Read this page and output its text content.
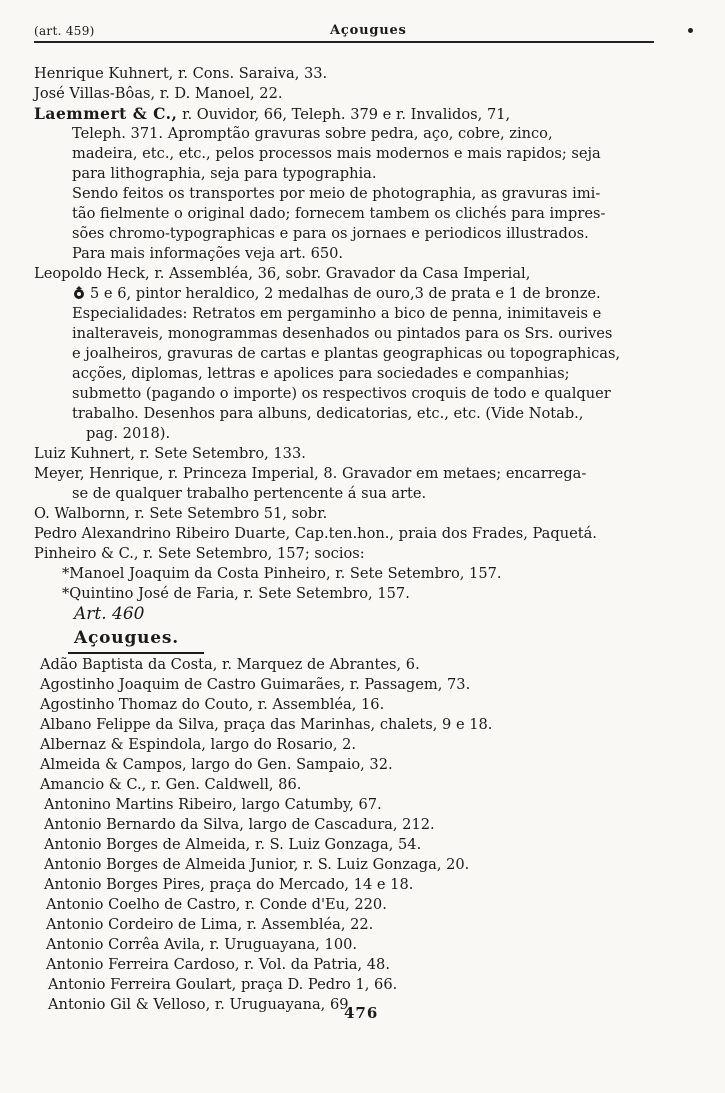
(art. 459)	Açougues
Henrique Kuhnert, r. Cons. Saraiva, 33.
José Villas-Bôas, r. D. Manoel, 22.
Laemmert & C., r. Ouvidor, 66, Teleph. 379 e r. Invalidos, 71,
Teleph. 371. Apromptão gravuras sobre pedra, aço, cobre, zinco,
madeira, etc., etc., pelos processos mais modernos e mais rapidos; seja
para lithographia, seja para typographia.
Sendo feitos os transportes por meio de photographia, as gravuras imi-
tão fielmente o original dado; fornecem tambem os clichés para impres-
sões chromo-typographicas e para os jornaes e periodicos illustrados.
Para mais informações veja art. 650.
Leopoldo Heck, r. Assembléa, 36, sobr. Gravador da Casa Imperial,
5 e 6, pintor heraldico, 2 medalhas de ouro,3 de prata e 1 de bronze.
Especialidades: Retratos em pergaminho a bico de penna, inimitaveis e
inalteraveis, monogrammas desenhados ou pintados para os Srs. ourives
e joalheiros, gravuras de cartas e plantas geographicas ou topographicas,
acções, diplomas, lettras e apolices para sociedades e companhias;
submetto (pagando o importe) os respectivos croquis de todo e qualquer
trabalho. Desenhos para albuns, dedicatorias, etc., etc. (Vide Notab.,
pag. 2018).
Luiz Kuhnert, r. Sete Setembro, 133.
Meyer, Henrique, r. Princeza Imperial, 8. Gravador em metaes; encarrega-
se de qualquer trabalho pertencente á sua arte.
O. Walbornn, r. Sete Setembro 51, sobr.
Pedro Alexandrino Ribeiro Duarte, Cap.ten.hon., praia dos Frades, Paquetá.
Pinheiro & C., r. Sete Setembro, 157; socios:
*Manoel Joaquim da Costa Pinheiro, r. Sete Setembro, 157.
*Quintino José de Faria, r. Sete Setembro, 157.
Art. 460
Açougues.
Adão Baptista da Costa, r. Marquez de Abrantes, 6.
Agostinho Joaquim de Castro Guimarães, r. Passagem, 73.
Agostinho Thomaz do Couto, r. Assembléa, 16.
Albano Felippe da Silva, praça das Marinhas, chalets, 9 e 18.
Albernaz & Espindola, largo do Rosario, 2.
Almeida & Campos, largo do Gen. Sampaio, 32.
Amancio & C., r. Gen. Caldwell, 86.
Antonino Martins Ribeiro, largo Catumby, 67.
Antonio Bernardo da Silva, largo de Cascadura, 212.
Antonio Borges de Almeida, r. S. Luiz Gonzaga, 54.
Antonio Borges de Almeida Junior, r. S. Luiz Gonzaga, 20.
Antonio Borges Pires, praça do Mercado, 14 e 18.
Antonio Coelho de Castro, r. Conde d'Eu, 220.
Antonio Cordeiro de Lima, r. Assembléa, 22.
Antonio Corrêa Avila, r. Uruguayana, 100.
Antonio Ferreira Cardoso, r. Vol. da Patria, 48.
Antonio Ferreira Goulart, praça D. Pedro 1, 66.
Antonio Gil & Velloso, r. Uruguayana, 69.
476
